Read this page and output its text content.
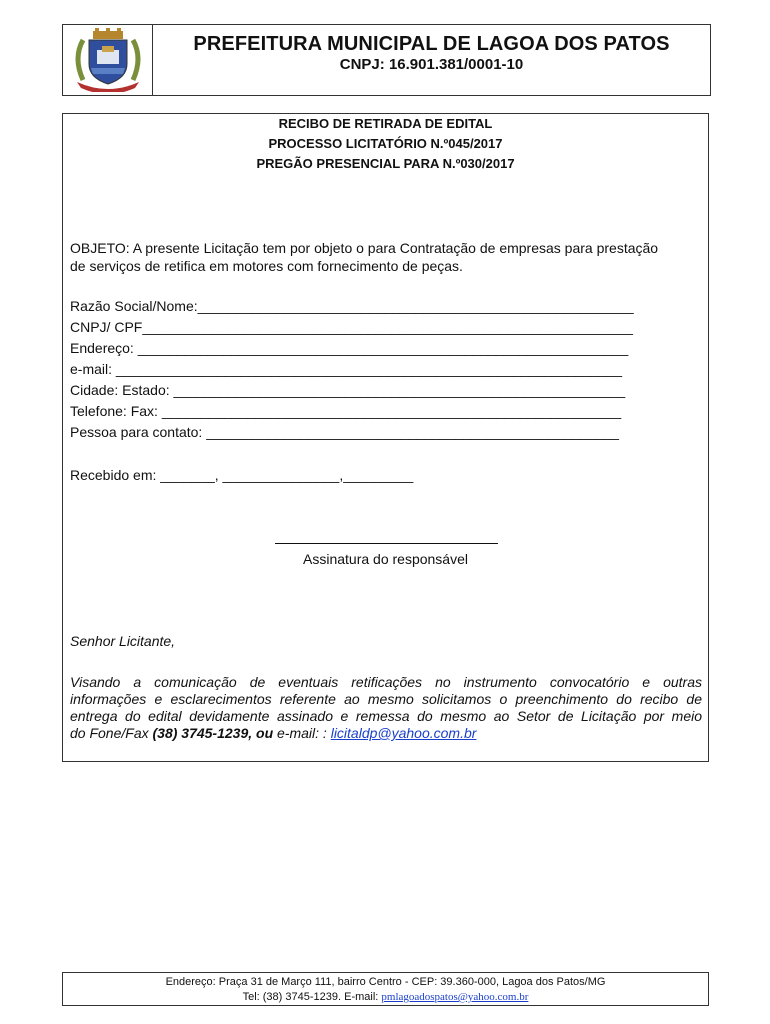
PREFEITURA MUNICIPAL DE LAGOA DOS PATOS
CNPJ: 16.901.381/0001-10
RECIBO DE RETIRADA DE EDITAL
PROCESSO LICITATÓRIO N.º045/2017
PREGÃO PRESENCIAL PARA N.º030/2017
OBJETO: A presente Licitação tem por objeto o para Contratação de empresas para prestação
de serviços de retifica em motores com fornecimento de peças.
Razão Social/Nome:________________________________________________________
CNPJ/ CPF_______________________________________________________________
Endereço: _______________________________________________________________
e-mail: _________________________________________________________________
Cidade: Estado: __________________________________________________________
Telefone: Fax: ___________________________________________________________
Pessoa para contato: _____________________________________________________
Recebido em: _______, _______________,_________
Assinatura do responsável
Senhor Licitante,
Visando a comunicação de eventuais retificações no instrumento convocatório e outras
informações e esclarecimentos referente ao mesmo solicitamos o preenchimento do recibo de
entrega do edital devidamente assinado e remessa do mesmo ao Setor de Licitação por meio
do Fone/Fax (38) 3745-1239, ou e-mail: : licitaldp@yahoo.com.br
Endereço: Praça 31 de Março 111, bairro Centro - CEP: 39.360-000, Lagoa dos Patos/MG
Tel: (38) 3745-1239. E-mail: pmlagoadospatos@yahoo.com.br
